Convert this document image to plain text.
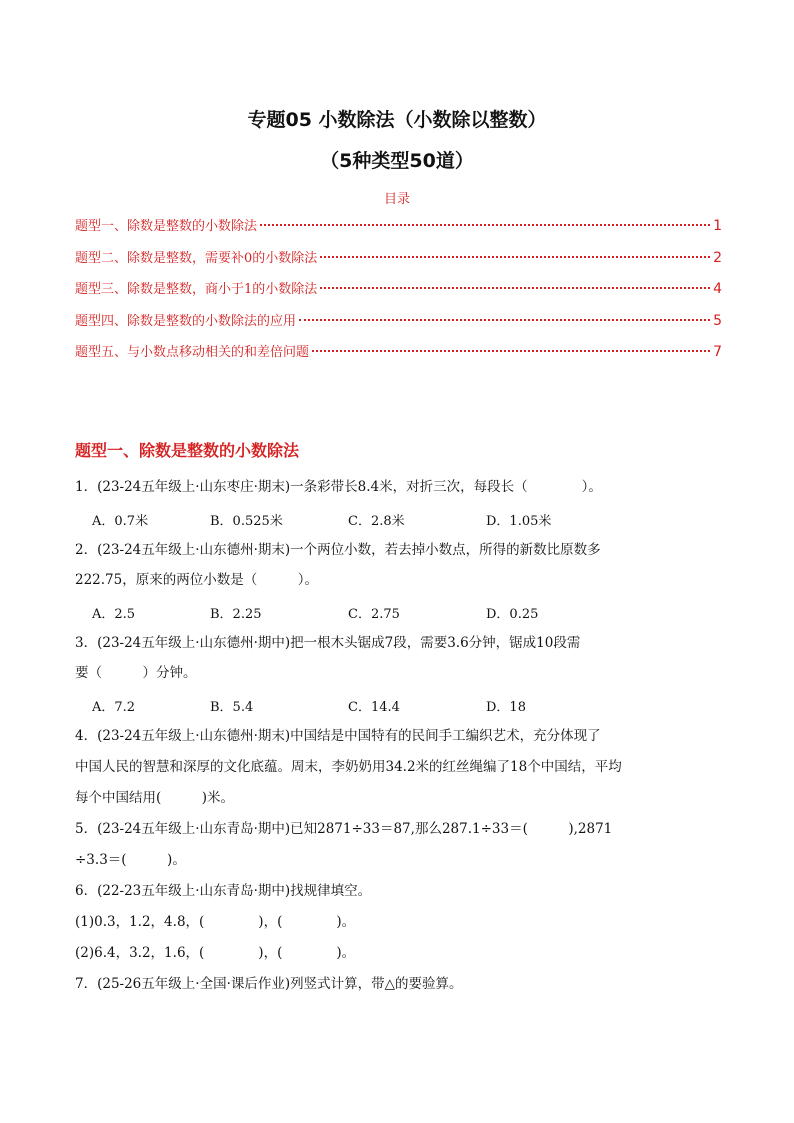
专题05 小数除法（小数除以整数）
（5种类型50道）
目录
题型一、除数是整数的小数除法	1
题型二、除数是整数，需要补0的小数除法	2
题型三、除数是整数，商小于1的小数除法	4
题型四、除数是整数的小数除法的应用	5
题型五、与小数点移动相关的和差倍问题	7
题型一、除数是整数的小数除法
1．(23-24五年级上·山东枣庄·期末)一条彩带长8.4米，对折三次，每段长（　　　　）。
A．0.7米	B．0.525米	C．2.8米	D．1.05米
2．(23-24五年级上·山东德州·期末)一个两位小数，若去掉小数点，所得的新数比原数多
222.75，原来的两位小数是（　　　）。
A．2.5	B．2.25	C．2.75	D．0.25
3．(23-24五年级上·山东德州·期中)把一根木头锯成7段，需要3.6分钟，锯成10段需
要（　　　）分钟。
A．7.2	B．5.4	C．14.4	D．18
4．(23-24五年级上·山东德州·期末)中国结是中国特有的民间手工编织艺术，充分体现了
中国人民的智慧和深厚的文化底蕴。周末，李奶奶用34.2米的红丝绳编了18个中国结，平均
每个中国结用(　　　)米。
5．(23-24五年级上·山东青岛·期中)已知2871÷33＝87,那么287.1÷33＝(　　　),2871
÷3.3＝(　　　)。
6．(22-23五年级上·山东青岛·期中)找规律填空。
(1)0.3，1.2，4.8，(　　　　)，(　　　　)。
(2)6.4，3.2，1.6，(　　　　)，(　　　　)。
7．(25-26五年级上·全国·课后作业)列竖式计算，带△的要验算。
